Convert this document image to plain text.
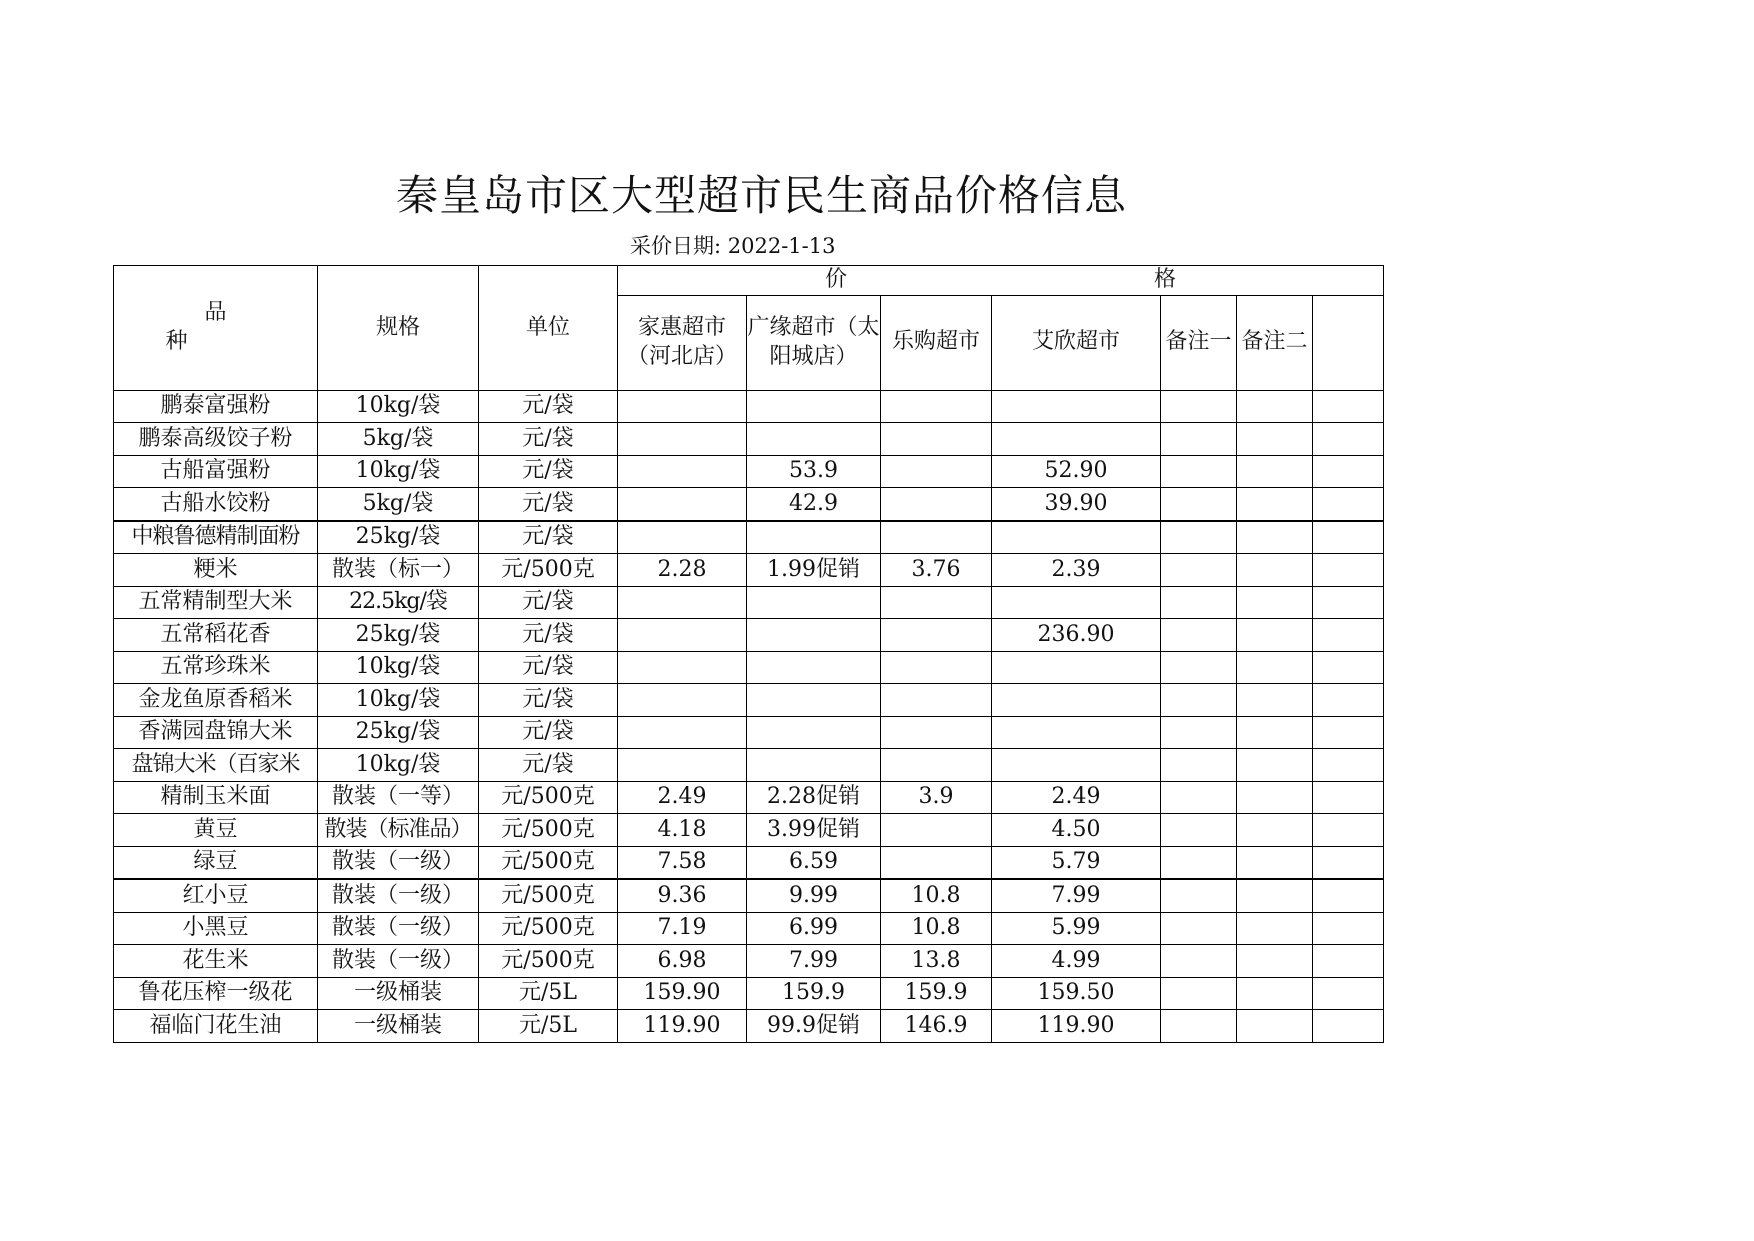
秦皇岛市区大型超市民生商品价格信息
采价日期: 2022-1-13
品 种	规格	单位	价 格						
			家惠超市（河北店）	广缘超市（太阳城店）	乐购超市	艾欣超市	备注一	备注二	
鹏泰富强粉	10kg/袋	元/袋							
鹏泰高级饺子粉	5kg/袋	元/袋							
古船富强粉	10kg/袋	元/袋		53.9		52.90			
古船水饺粉	5kg/袋	元/袋		42.9		39.90			
中粮鲁德精制面粉	25kg/袋	元/袋							
粳米	散装（标一）	元/500克	2.28	1.99促销	3.76	2.39			
五常精制型大米	22.5kg/袋	元/袋							
五常稻花香	25kg/袋	元/袋				236.90			
五常珍珠米	10kg/袋	元/袋							
金龙鱼原香稻米	10kg/袋	元/袋							
香满园盘锦大米	25kg/袋	元/袋							
盘锦大米（百家米	10kg/袋	元/袋							
精制玉米面	散装（一等）	元/500克	2.49	2.28促销	3.9	2.49			
黄豆	散装（标准品）	元/500克	4.18	3.99促销		4.50			
绿豆	散装（一级）	元/500克	7.58	6.59		5.79			
红小豆	散装（一级）	元/500克	9.36	9.99	10.8	7.99			
小黑豆	散装（一级）	元/500克	7.19	6.99	10.8	5.99			
花生米	散装（一级）	元/500克	6.98	7.99	13.8	4.99			
鲁花压榨一级花	一级桶装	元/5L	159.90	159.9	159.9	159.50			
福临门花生油	一级桶装	元/5L	119.90	99.9促销	146.9	119.90			
